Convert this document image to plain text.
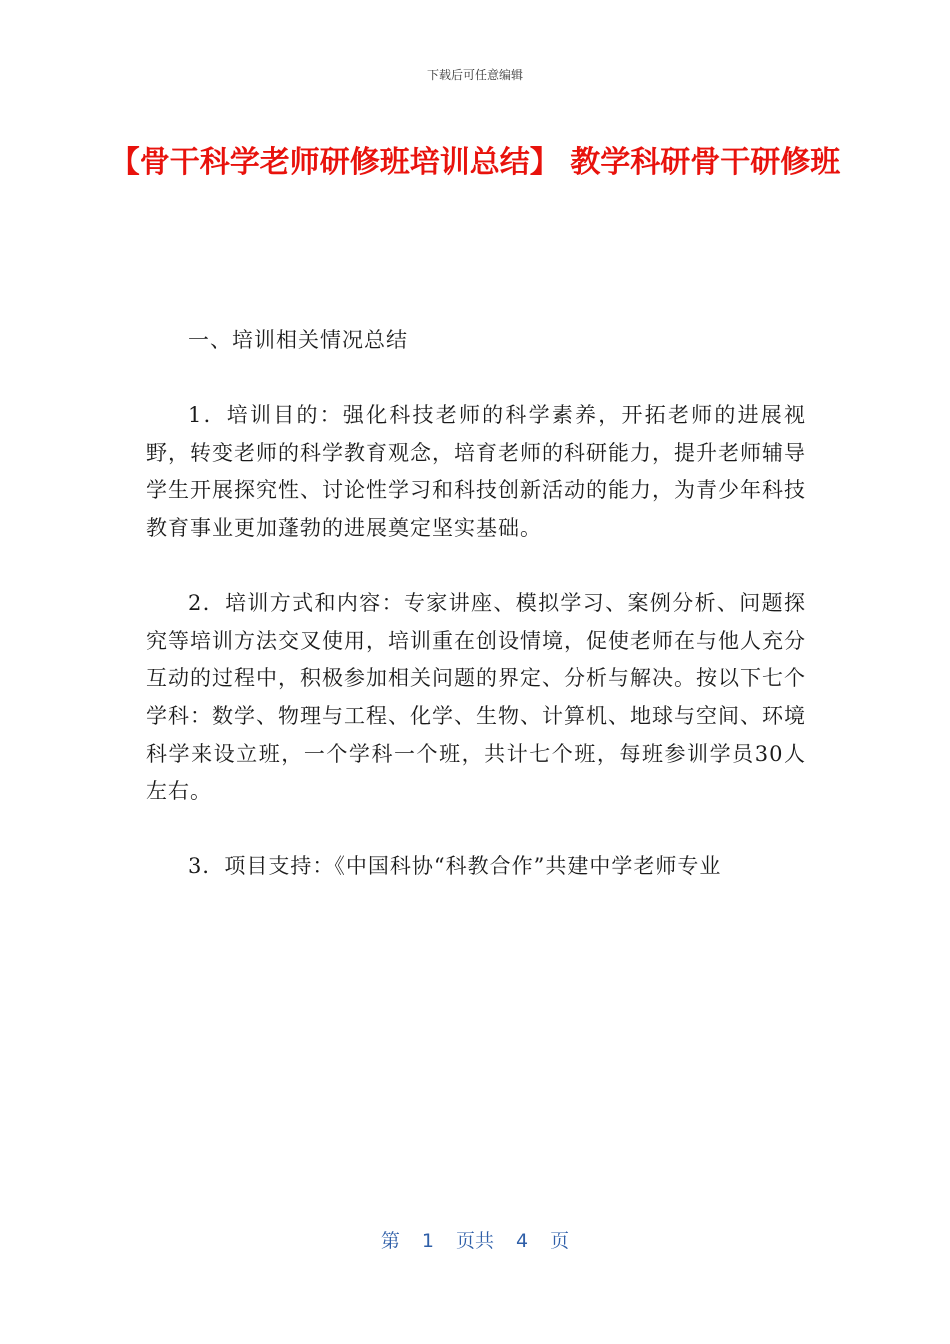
下载后可任意编辑
【骨干科学老师研修班培训总结】 教学科研骨干研修班

一、培训相关情况总结

1．培训目的：强化科技老师的科学素养，开拓老师的进展视野，转变老师的科学教育观念，培育老师的科研能力，提升老师辅导学生开展探究性、讨论性学习和科技创新活动的能力，为青少年科技教育事业更加蓬勃的进展奠定坚实基础。

2．培训方式和内容：专家讲座、模拟学习、案例分析、问题探究等培训方法交叉使用，培训重在创设情境，促使老师在与他人充分互动的过程中，积极参加相关问题的界定、分析与解决。按以下七个学科：数学、物理与工程、化学、生物、计算机、地球与空间、环境科学来设立班，一个学科一个班，共计七个班，每班参训学员30人左右。

3．项目支持：《中国科协“科教合作”共建中学老师专业

第 1 页共 4 页
